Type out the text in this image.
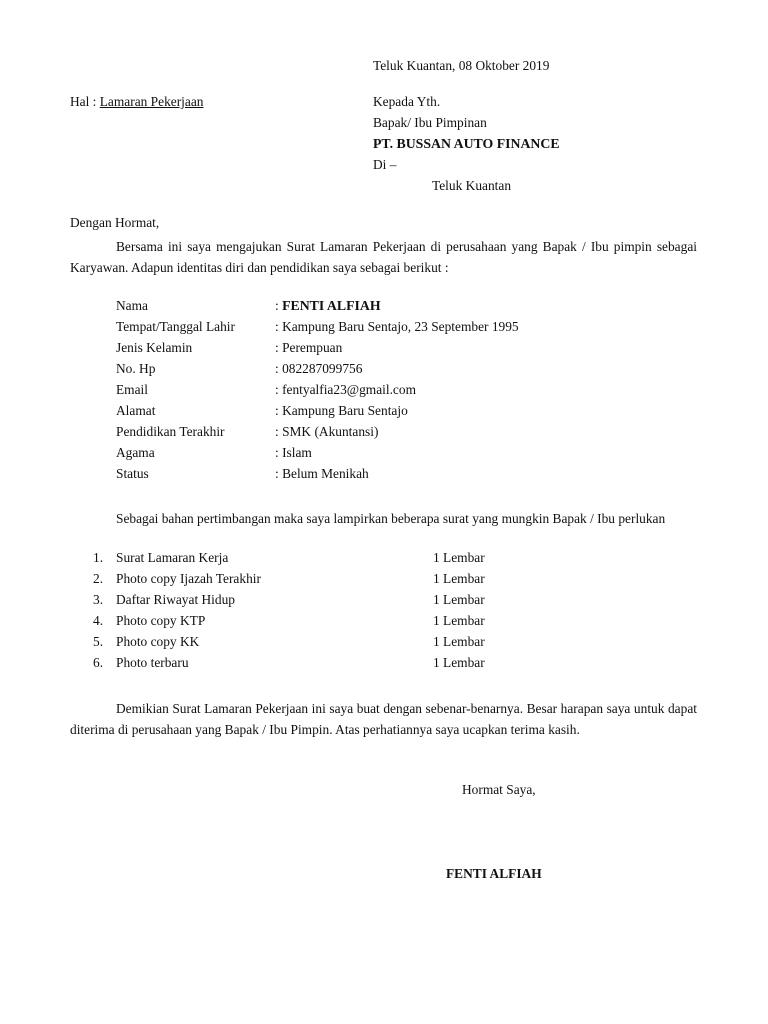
Teluk Kuantan, 08 Oktober 2019
Hal : Lamaran Pekerjaan	Kepada Yth.
Bapak/ Ibu Pimpinan
PT. BUSSAN AUTO FINANCE
Di –
Teluk Kuantan
Dengan Hormat,
Bersama ini saya mengajukan Surat Lamaran Pekerjaan di perusahaan yang Bapak / Ibu pimpin sebagai Karyawan. Adapun identitas diri dan pendidikan saya sebagai berikut :
Nama	: FENTI ALFIAH
Tempat/Tanggal Lahir	: Kampung Baru Sentajo, 23 September 1995
Jenis Kelamin	: Perempuan
No. Hp	: 082287099756
Email	: fentyalfia23@gmail.com
Alamat	: Kampung Baru Sentajo
Pendidikan Terakhir	: SMK (Akuntansi)
Agama	: Islam
Status	: Belum Menikah
Sebagai bahan pertimbangan maka saya lampirkan beberapa surat yang mungkin Bapak / Ibu perlukan
1. Surat Lamaran Kerja	1 Lembar
2. Photo copy Ijazah Terakhir	1 Lembar
3. Daftar Riwayat Hidup	1 Lembar
4. Photo copy KTP	1 Lembar
5. Photo copy KK	1 Lembar
6. Photo terbaru	1 Lembar
Demikian Surat Lamaran Pekerjaan ini saya buat dengan sebenar-benarnya. Besar harapan saya untuk dapat diterima di perusahaan yang Bapak / Ibu Pimpin. Atas perhatiannya saya ucapkan terima kasih.
Hormat Saya,
FENTI ALFIAH
